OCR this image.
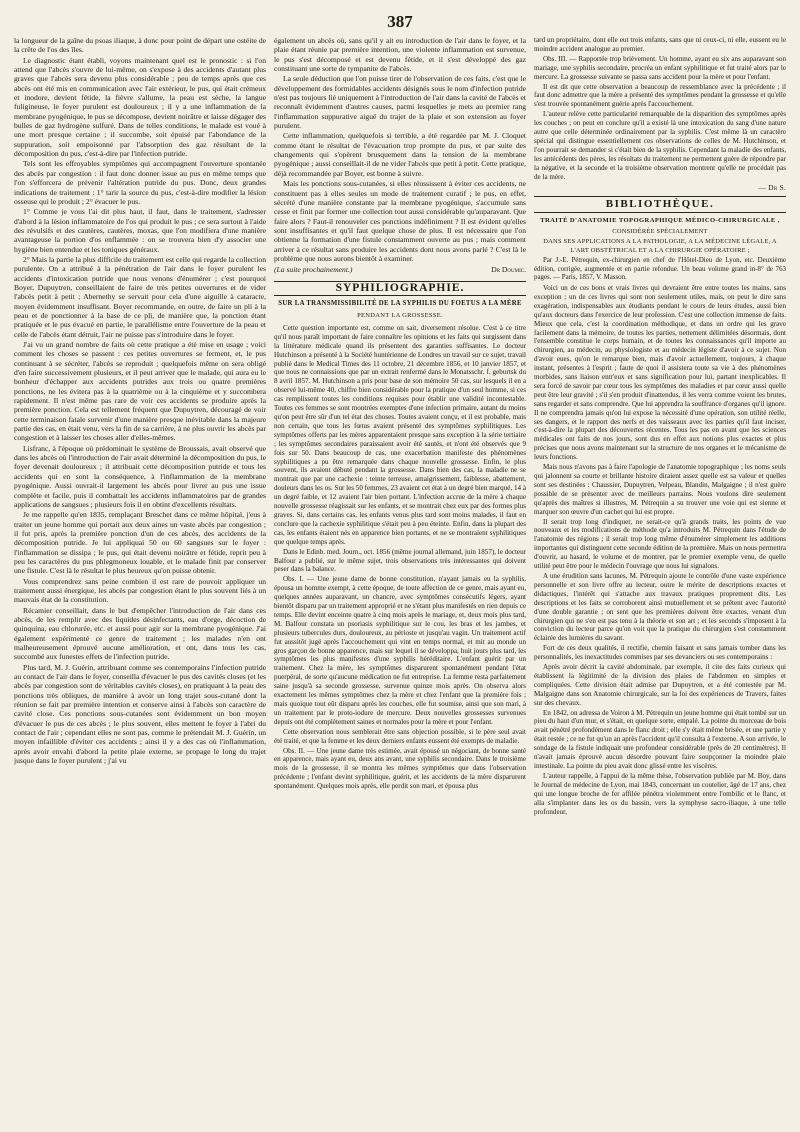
387

la longueur de la gaîne du psoas iliaque, à donc pour point de départ une ostéite de la crête de l'os des îles.

Le diagnostic étant établi, voyons maintenant quel est le pronostic : si l'on attend que l'abcès s'ouvre de lui-même, on s'expose à des accidents d'autant plus graves que l'abcès sera devenu plus considérable ; peu de temps après que ces abcès ont été mis en communication avec l'air extérieur, le pus, qui était crémeux et inodore, devient fétide, la fièvre s'allume, la peau est sèche, la langue fuligineuse, le foyer purulent est douloureux ; il y a une inflammation de la membrane pyogénique, le pus se décompose, devient noirâtre et laisse dégager des bulles de gaz hydrogène sulfuré. Dans de telles conditions, le malade est voué à une mort presque certaine ; il succombe, soit épuisé par l'abondance de la suppuration, soit empoisonné par l'absorption des gaz résultant de la décomposition du pus, c'est-à-dire par l'infection putride.

Tels sont les effroyables symptômes qui accompagnent l'ouverture spontanée des abcès par congestion : il faut donc donner issue au pus en même temps que l'on s'efforcera de prévenir l'altération putride du pus. Donc, deux grandes indications de traitement : 1° tarir la source du pus, c'est-à-dire modifier la lésion osseuse qui le produit ; 2° évacuer le pus.

1° Comme je vous l'ai dit plus haut, il faut, dans le traitement, s'adresser d'abord à la lésion inflammatoire de l'os qui produit le pus ; ce sera surtout à l'aide des révulsifs et des cautères, cautères, moxas, que l'on modifiera d'une manière avantageuse la portion d'os enflammée : on se trouvera bien d'y associer une hygiène bien entendue et les toniques généraux.

2° Mais la partie la plus difficile du traitement est celle qui regarde la collection purulente. On a attribué à la pénétration de l'air dans le foyer purulent les accidents d'intoxication putride que nous venons d'énumérer ; c'est pourquoi Boyer, Dupuytren, conseillaient de faire de très petites ouvertures et de vider l'abcès petit à petit ; Abernethy se servait pour cela d'une aiguille à cataracte, moyen évidemment insuffisant. Boyer recommande, en outre, de faire un pli à la peau et de ponctionner à la base de ce pli, de manière que, la ponction étant pratiquée et le pus évacué en partie, le parallélisme entre l'ouverture de la peau et celle de l'abcès étant détruit, l'air ne puisse pas s'introduire dans le foyer.

J'ai vu un grand nombre de faits où cette pratique a été mise en usage ; voici comment les choses se passent : ces petites ouvertures se ferment, et, le pus continuant à se sécréter, l'abcès se reproduit ; quelquefois même on sera obligé d'en faire successivement plusieurs, et il peut arriver que le malade, qui aura eu le bonheur d'échapper aux accidents putrides aux trois ou quatre premières ponctions, ne les évitera pas à la quatrième ou à la cinquième et y succombera rapidement. Il n'est même pas rare de voir ces accidents se produire après la première ponction. Cela est tellement fréquent que Dupuytren, découragé de voir cette terminaison fatale survenir d'une manière presque inévitable dans la majeure partie des cas, en était venu, vers la fin de sa carrière, à ne plus ouvrir les abcès par congestion et à laisser les choses aller d'elles-mêmes.

Lisfranc, à l'époque où prédominait le système de Broussais, avait observé que dans les abcès où l'introduction de l'air avait déterminé la décomposition du pus, le foyer devenait douloureux ; il attribuait cette décomposition putride et tous les accidents qui en sont la conséquence, à l'inflammation de la membrane pyogénique. Aussi ouvrait-il largement les abcès pour livrer au pus une issue complète et facile, puis il combattait les accidents inflammatoires par de grandes applications de sangsues ; plusieurs fois il en obtint d'excellents résultats.

Je me rappelle qu'en 1835, remplaçant Breschet dans ce même hôpital, j'eus à traiter un jeune homme qui portait aux deux aines un vaste abcès par congestion ; il fut pris, après la première ponction d'un de ces abcès, des accidents de la décomposition putride. Je lui appliquai 50 ou 60 sangsues sur le foyer : l'inflammation se dissipa ; le pus, qui était devenu noirâtre et fétide, reprit peu à peu les caractères du pus phlegmoneux louable, et le malade finit par conserver une fistule. C'est là le résultat le plus heureux qu'on puisse obtenir.

Vous comprendrez sans peine combien il est rare de pouvoir appliquer un traitement aussi énergique, les abcès par congestion étant le plus souvent liés à un mauvais état de la constitution.

Récamier conseillait, dans le but d'empêcher l'introduction de l'air dans ces abcès, de les remplir avec des liquides désinfectants, eau d'orge, décoction de quinquina, eau chlorurée, etc. et aussi pour agir sur la membrane pyogénique. J'ai également expérimenté ce genre de traitement ; les malades n'en ont malheureusement éprouvé aucune amélioration, et ont, dans tous les cas, succombé aux funestes effets de l'infection putride.

Plus tard, M. J. Guérin, attribuant comme ses contemporains l'infection putride au contact de l'air dans le foyer, conseilla d'évacuer le pus des cavités closes (et les abcès par congestion sont de véritables cavités closes), en pratiquant à la peau des ponctions très obliques, de manière à avoir un long trajet sous-cutané dont la réunion se fait par première intention et conserve ainsi à l'abcès son caractère de cavité close. Ces ponctions sous-cutanées sont évidemment un bon moyen d'évacuer le pus de ces abcès ; le plus souvent, elles mettent le foyer à l'abri du contact de l'air ; cependant elles ne sont pas, comme le prétendait M. J. Guérin, un moyen infaillible d'éviter ces accidents ; ainsi il y a des cas où l'inflammation, après avoir envahi d'abord la petite plaie externe, se propage le long du trajet jusque dans le foyer purulent ; j'ai vu

également un abcès où, sans qu'il y ait eu introduction de l'air dans le foyer, et la plaie étant réunie par première intention, une violente inflammation est survenue, le pus s'est décomposé et est devenu fétide, et il s'est développé des gaz constituant une sorte de tympanite de l'abcès.

La seule déduction que l'on puisse tirer de l'observation de ces faits, c'est que le développement des formidables accidents désignés sous le nom d'infection putride n'est pas toujours lié uniquement à l'introduction de l'air dans la cavité de l'abcès et reconnaît évidemment d'autres causes, parmi lesquelles je mets au premier rang l'inflammation suppurative aiguë du trajet de la plaie et son extension au foyer purulent.

Cette inflammation, quelquefois si terrible, a été regardée par M. J. Cloquet comme étant le résultat de l'évacuation trop prompte du pus, et par suite des changements qui s'opèrent brusquement dans la tension de la membrane pyogénique ; aussi conseillait-il de ne vider l'abcès que petit à petit. Cette pratique, déjà recommandée par Boyer, est bonne à suivre.

Mais les ponctions sous-cutanées, si elles réussissent à éviter ces accidents, ne constituent pas à elles seules un mode de traitement curatif ; le pus, en effet, sécrété d'une manière constante par la membrane pyogénique, s'accumule sans cesse et finit par former une collection tout aussi considérable qu'auparavant. Que faire alors ? Faut-il renouveler ces ponctions indéfiniment ? Il est évident qu'elles sont insuffisantes et qu'il faut quelque chose de plus. Il est nécessaire que l'on obtienne la formation d'une fistule constamment ouverte au pus ; mais comment arriver à ce résultat sans produire les accidents dont nous avons parlé ? C'est là le problème que nous aurons bientôt à examiner.

(La suite prochainement.)	Dr Doumic.
SYPHILIOGRAPHIE.
SUR LA TRANSMISSIBILITÉ DE LA SYPHILIS DU FOETUS A LA MÈRE
PENDANT LA GROSSESSE.

Cette question importante est, comme on sait, diversement résolue. C'est à ce titre qu'il nous paraît important de faire connaître les opinions et les faits qui surgissent dans la littérature médicale quand ils présentent des garanties suffisantes. Le docteur Hutchinson a présenté à la Société huntérienne de Londres un travail sur ce sujet, travail publié dans le Medical Times des 11 octobre, 21 décembre 1856, et 10 janvier 1857, et que nous ne connaissions que par un extrait renfermé dans le Monatsschr. f. geburtsk du 8 avril 1857. M. Hutchinson a pris pour base de son mémoire 50 cas, sur lesquels il en a observé lui-même 40, chiffre bien considérable pour la pratique d'un seul homme, si ces cas remplissent toutes les conditions requises pour établir une validité incontestable. Toutes ces femmes se sont montrées exemptes d'une infection primaire, autant du moins qu'on peut être sûr d'un tel état des choses. Toutes avaient conçu, et il est probable, mais non certain, que tous les fœtus avaient présenté des symptômes syphilitiques. Les symptômes offerts par les mères apparentaient presque sans exception à la série tertiaire ; les symptômes secondaires paraissaient avoir été sautés, et n'ont été observés que 9 fois sur 50. Dans beaucoup de cas, une exacerbation manifeste des phénomènes syphilitiques a pu être remarquée dans chaque nouvelle grossesse. Enfin, le plus souvent, ils avaient débuté pendant la grossesse. Dans bien des cas, la maladie ne se montrait que par une cachexie : teinte terreuse, amaigrissement, faiblesse, abattement, douleurs dans les os. Sur les 50 femmes, 23 avaient cet état à un degré bien marqué, 14 à un degré faible, et 12 avaient l'air bien portant. L'infection accrue de la mère à chaque nouvelle grossesse réagissait sur les enfants, et se montrait chez eux par des formes plus graves. Si, dans certains cas, les enfants venus plus tard sont moins malades, il faut en conclure que la cachexie syphilitique s'était peu à peu éteinte. Enfin, dans la plupart des cas, les enfants étaient nés en apparence bien portants, et ne se montraient syphilitiques que quelque temps après.

Dans le Edinb. med. Journ., oct. 1856 (même journal allemand, juin 1857), le docteur Balfour a publié, sur le même sujet, trois observations très intéressantes qui doivent peser dans la balance.

Obs. I. — Une jeune dame de bonne constitution, n'ayant jamais eu la syphilis, épousa un homme exempt, à cette époque, de toute affection de ce genre, mais ayant eu, quelques années auparavant, un chancre, avec symptômes consécutifs légers, ayant bientôt disparu par un traitement approprié et ne s'étant plus manifestés en rien depuis ce temps. Elle devint enceinte quatre à cinq mois après le mariage, et, deux mois plus tard, M. Balfour constata un psoriasis syphilitique sur le cou, les bras et les jambes, et plusieurs tubercules durs, douloureux, au périoste et jusqu'au vagin. Un traitement actif fut aussitôt jugé après l'accouchement qui vint en temps normal, et mit au monde un gros garçon de bonne apparence, mais sur lequel il se développa, huit jours plus tard, les symptômes les plus manifestes d'une syphilis héréditaire. L'enfant guérit par un traitement. Chez la mère, les symptômes disparurent spontanément pendant l'état puerpéral, de sorte qu'aucune médication ne fut entreprise. La femme resta parfaitement saine jusqu'à sa seconde grossesse, survenue quinze mois après. On observa alors exactement les mêmes symptômes chez la mère et chez l'enfant que la première fois ; mais quoique tout eût disparu après les couches, elle fut soumise, ainsi que son mari, à un traitement par le proto-iodure de mercure. Deux nouvelles grossesses survenues depuis ont été complètement saines et normales pour la mère et pour l'enfant.

Cette observation nous semblerait être sans objection possible, si le père seul avait été traité, et que la femme et les deux derniers enfants eussent été exempts de maladie.

Obs. II. — Une jeune dame très estimée, avait épousé un négociant, de bonne santé en apparence, mais ayant eu, deux ans avant, une syphilis secondaire. Dans le troisième mois de la grossesse, il se montra les mêmes symptômes que dans l'observation précédente ; l'enfant devint syphilitique, guérit, et les accidents de la mère disparurent spontanément. Quelques mois après, elle perdit son mari, et épousa plus

tard un propriétaire, dont elle eut trois enfants, sans que ni ceux-ci, ni elle, eussent eu le moindre accident analogue au premier.

Obs. III. — Rapportée trop brièvement. Un homme, ayant eu six ans auparavant son mariage, une syphilis secondaire, procréa un enfant syphilitique et fut traité alors par le mercure. La grossesse suivante se passa sans accident pour la mère et pour l'enfant.

Il est dit que cette observation a beaucoup de ressemblance avec la précédente ; il faut donc admettre que la mère a présenté des symptômes pendant la grossesse et qu'elle s'est trouvée spontanément guérie après l'accouchement.

L'auteur relève cette particularité remarquable de la disparition des symptômes après les couches ; on peut en conclure qu'il a existé là une intoxication du sang d'une nature autre que celle déterminée ordinairement par la syphilis. C'est même là un caractère spécial qui distingue essentiellement ces observations de celles de M. Hutchinson, et l'on pourrait se demander si c'était bien de la syphilis. Cependant la maladie des enfants, les antécédents des pères, les résultats du traitement ne permettent guère de répondre par la négative, et la seconde et la troisième observation montrent qu'elle ne procédait pas de la mère.

— Dr S.
BIBLIOTHÈQUE.
TRAITÉ D'ANATOMIE TOPOGRAPHIQUE MÉDICO-CHIRURGICALE ,
CONSIDÉRÉE SPÉCIALEMENT
DANS SES APPLICATIONS A LA PATHOLOGIE, A LA MÉDECINE LÉGALE, A L'ART OBSTÉTRICAL ET A LA CHIRURGIE OPÉRATOIRE ;

Par J.-E. Pétrequin, ex-chirurgien en chef de l'Hôtel-Dieu de Lyon, etc. Deuxième édition, corrigée, augmentée et en partie refondue. Un beau volume grand in-8° de 763 pages. — Paris, 1857, V. Masson.

Voici un de ces bons et vrais livres qui devraient être entre toutes les mains, sans exception ; un de ces livres qui sont non seulement utiles, mais, on peut le dire sans exagération, indispensables aux étudiants pendant le cours de leurs études, aussi bien qu'aux docteurs dans l'exercice de leur profession. C'est une collection immense de faits. Mieux que cela, c'est la coordination méthodique, et dans un ordre qui les grave facilement dans la mémoire, de toutes les parties, nettement délimitées désormais, dont l'ensemble constitue le corps humain, et de toutes les connaissances qu'il importe au chirurgien, au médecin, au physiologiste et au médecin légiste d'avoir à ce sujet. Non d'avoir eues, qu'on le remarque bien, mais d'avoir actuellement, toujours, à chaque instant, présentes à l'esprit ; faute de quoi il assistera toute sa vie à des phénomènes morbides, sans liaison entr'eux et sans signification pour lui, partant inexplicables. Il sera forcé de savoir par cœur tous les symptômes des maladies et par cœur aussi quelle peut être leur gravité ; s'il s'en produit d'inattendus, il les verra comme voient les brutes, sans regarder et sans comprendre. Que lui apprendra la souffrance d'organes qu'il ignore. Il ne comprendra jamais qu'on lui expose la nécessité d'une opération, son utilité réelle, ses dangers, et le rapport des nerfs et des vaisseaux avec les parties qu'il faut inciser, c'est-à-dire la plupart des découvertes récentes. Tous les pas en avant que les sciences médicales ont faits de nos jours, sont dus en effet aux notions plus exactes et plus précises que nous avons maintenant sur la structure de nos organes et le mécanisme de leurs fonctions.

Mais nous n'avons pas à faire l'apologie de l'anatomie topographique ; les noms seuls qui jalonnent sa courte et brillante histoire diraient assez quelle est sa valeur et quelles sont ses destinées : Chaussier, Dupuytren, Velpeau, Blandin, Malgaigne ; il n'est guère possible de se présenter avec de meilleurs parrains. Nous voulons dire seulement qu'après des maîtres si illustres, M. Pétrequin a su trouver une voie qui est sienne et marquer son œuvre d'un cachet qui lui est propre.

Il serait trop long d'indiquer, ne serait-ce qu'à grands traits, les points de vue nouveaux et les modifications de méthode qu'a introduits M. Pétrequin dans l'étude de l'anatomie des régions ; il serait trop long même d'énumérer simplement les additions importantes qui distinguent cette seconde édition de la première. Mais on nous permettra d'ouvrir, au hasard, le volume et de montrer, par le premier exemple venu, de quelle utilité peut être pour le médecin l'ouvrage que nous lui signalons.

A une érudition sans lacunes, M. Pétrequin ajoute le contrôle d'une vaste expérience personnelle et son livre offre au lecteur, outre le mérite de descriptions exactes et didactiques, l'intérêt qui s'attache aux travaux pratiques proprement dits. Les descriptions et les faits se corroborent ainsi mutuellement et se prêtent avec l'autorité d'une double garantie ; on sent que les premières doivent être exactes, venant d'un chirurgien qui ne s'en est pas tenu à la théorie et son art ; et les seconds s'imposent à la conviction du lecteur parce qu'on voit que la pratique du chirurgien s'est constamment éclairée des lumières du savant.

Fort de ces deux qualités, il rectifie, chemin faisant et sans jamais tomber dans les personnalités, les inexactitudes commises par ses devanciers ou ses contemporains :

Après avoir décrit la cavité abdominale, par exemple, il cite des faits curieux qui établissent la légitimité de la division des plaies de l'abdomen en simples et compliquées. Cette division était admise par Dupuytren, et a été contestée par M. Malgaigne dans son Anatomie chirurgicale, sur la foi des expériences de Travers, faites sur des chevaux.

En 1842, on adressa de Voiron à M. Pétrequin un jeune homme qui était tombé sur un pieu du haut d'un mur, et s'était, en quelque sorte, empalé. La pointe du morceau de bois avait pénétré profondément dans le flanc droit ; elle s'y était même brisée, et une partie y était restée ; ce ne fut qu'un an après l'accident qu'il consulta à l'externe. A son arrivée, le sondage de la fistule indiquait une profondeur considérable (près de 20 centimètres). Il n'avait jamais éprouvé aucun désordre pouvant faire soupçonner la moindre plaie intestinale. La pointe du pieu avait donc glissé entre les viscères.

L'auteur rappelle, à l'appui de la même thèse, l'observation publiée par M. Boy, dans le Journal de médecine de Lyon, mai 1843, concernant un coutelier, âgé de 17 ans, chez qui une longue broche de fer affilée pénétra violemment entre l'ombilic et le flanc, et alla s'implanter dans les os du bassin, vers la symphyse sacro-iliaque, à une telle profondeur,
